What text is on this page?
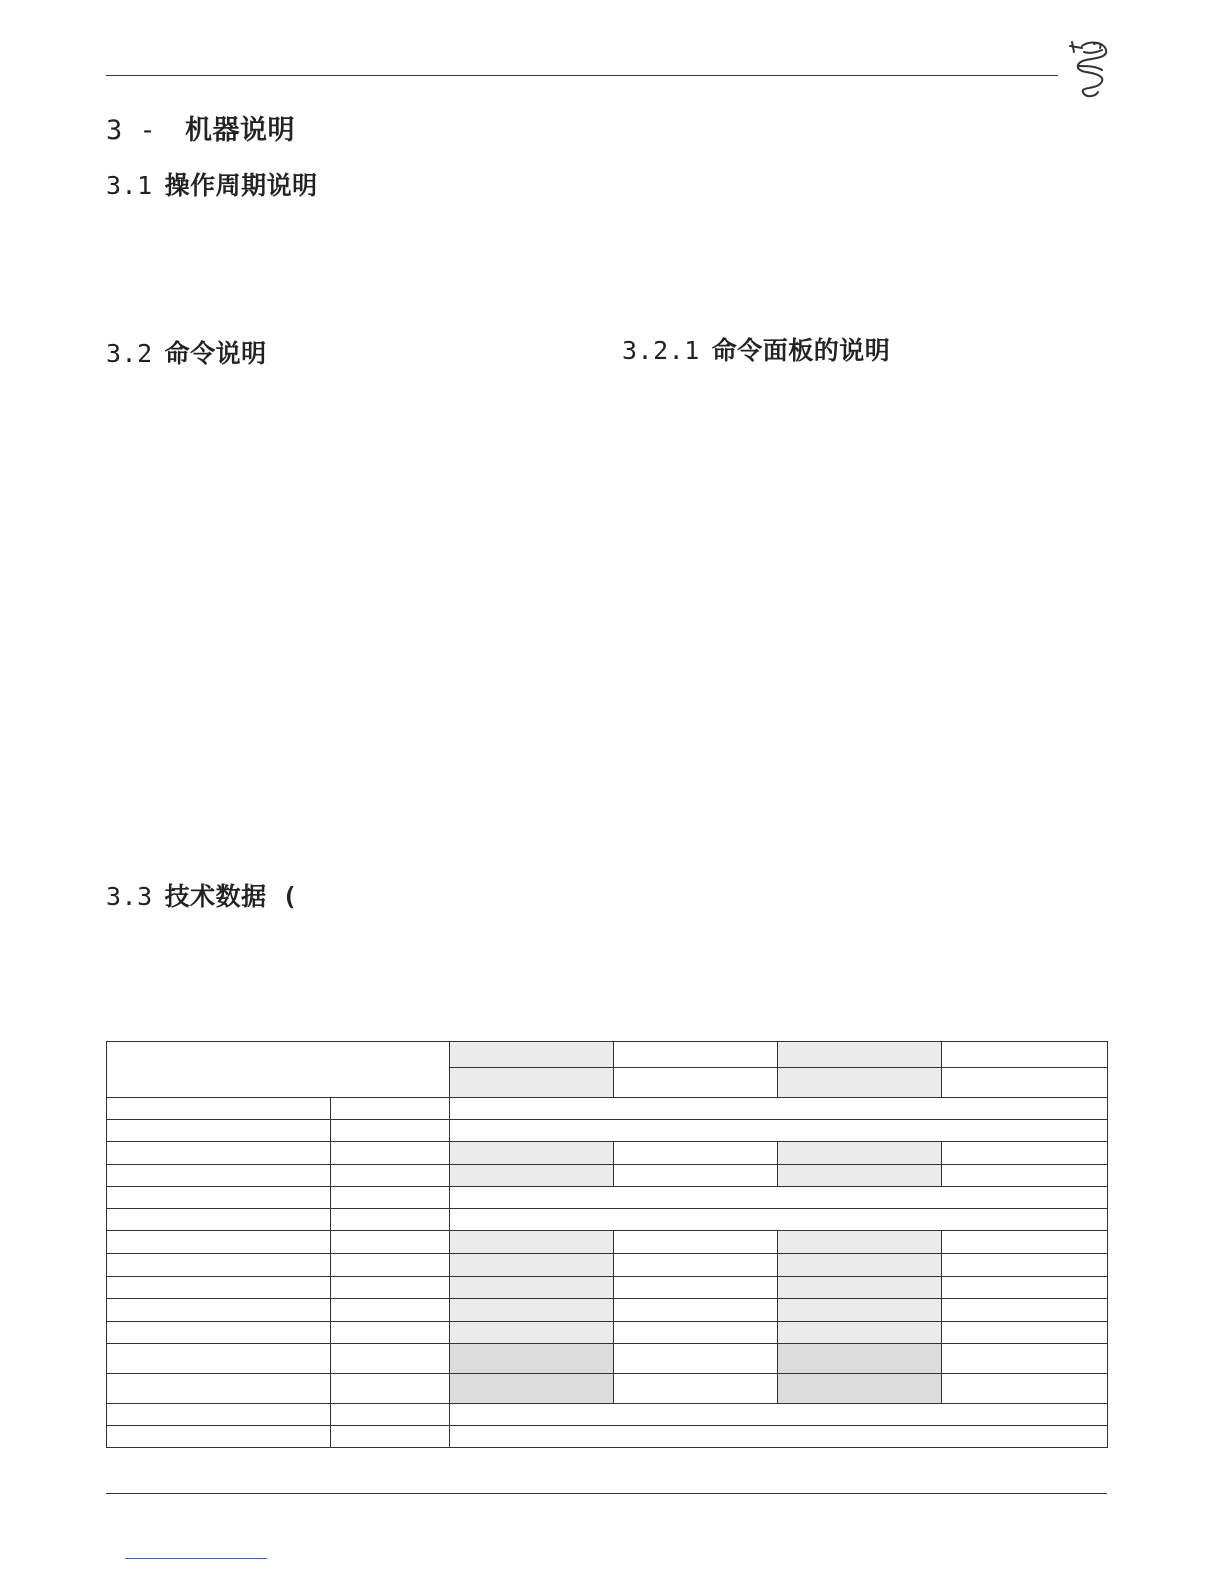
3 - 机器说明
3.1 操作周期说明
3.2 命令说明	3.2.1 命令面板的说明
3.3 技术数据 (
